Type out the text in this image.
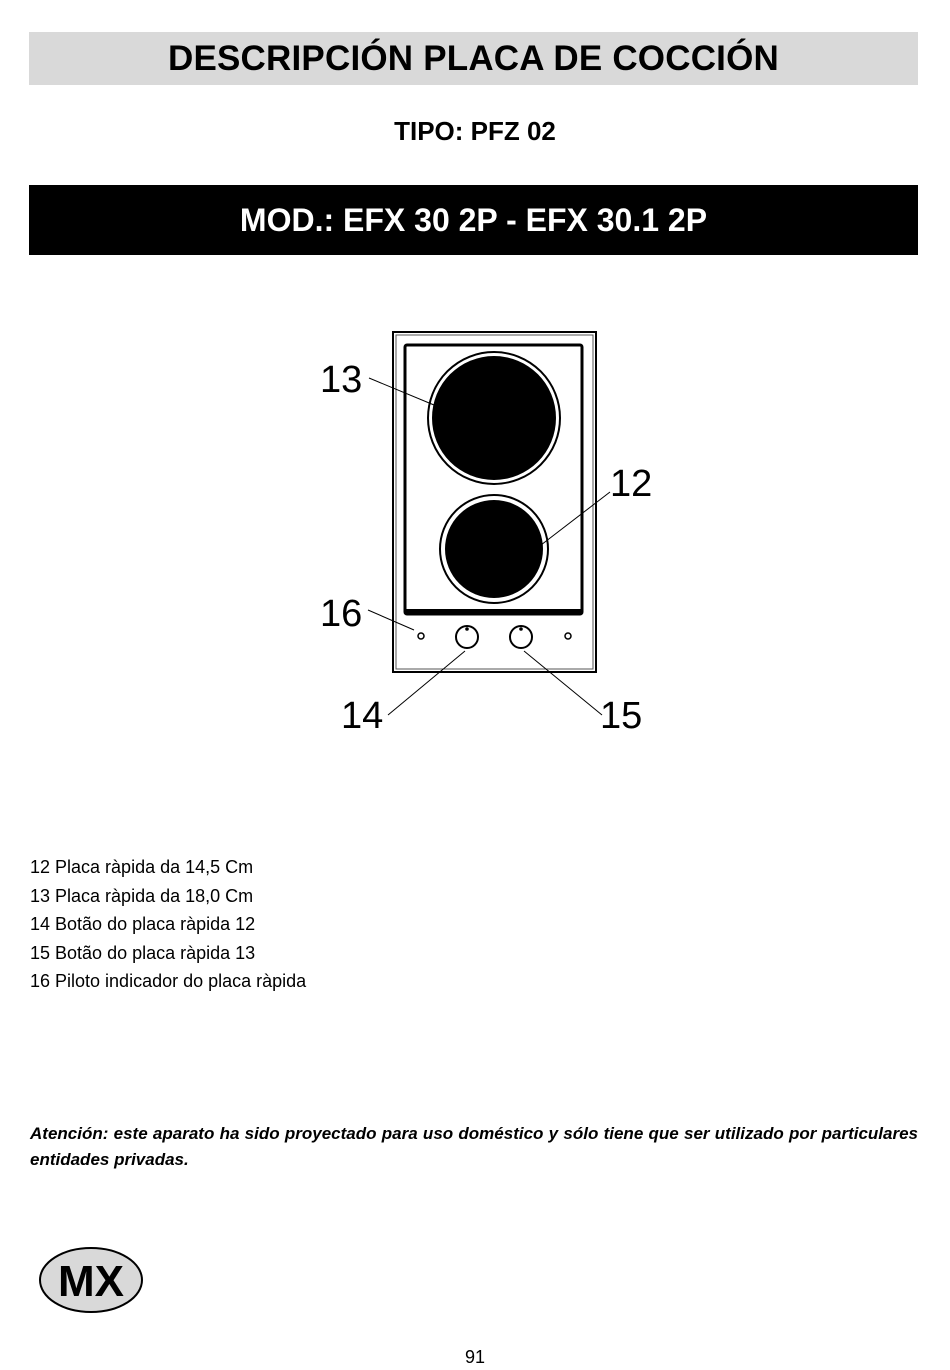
DESCRIPCIÓN PLACA DE COCCIÓN
TIPO: PFZ 02
MOD.: EFX 30 2P - EFX 30.1 2P
13
12
16
14	15
12 Placa ràpida da 14,5 Cm
13 Placa ràpida da 18,0 Cm
14 Botão do placa ràpida 12
15 Botão do placa ràpida 13
16 Piloto indicador do placa ràpida

Atención: este aparato ha sido proyectado para uso doméstico y sólo tiene que ser utilizado por particulares entidades privadas.

MX
91
